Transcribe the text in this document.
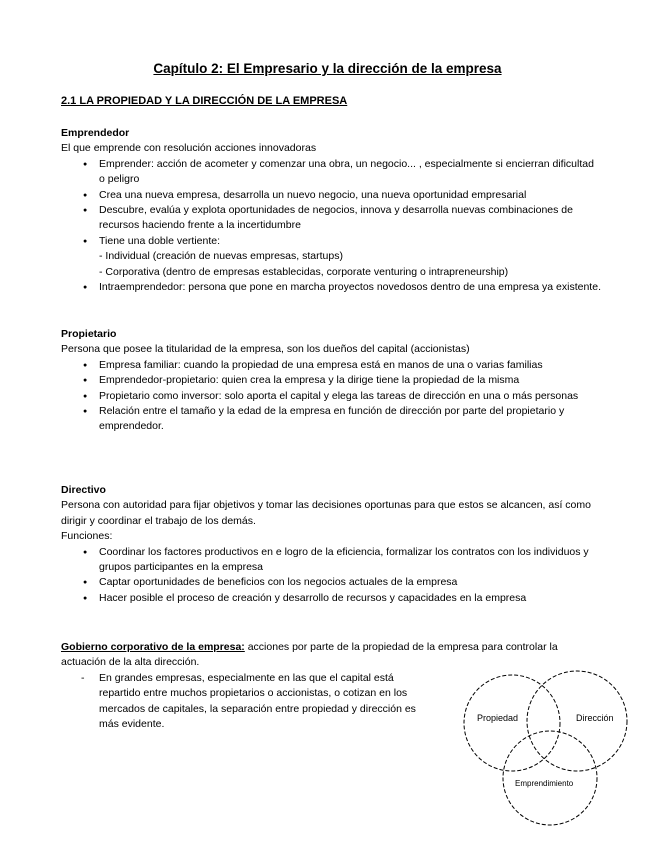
Capítulo 2: El Empresario y la dirección de la empresa
2.1 LA PROPIEDAD Y LA DIRECCIÓN DE LA EMPRESA
Emprendedor
El que emprende con resolución acciones innovadoras
● Emprender: acción de acometer y comenzar una obra, un negocio... , especialmente si encierran dificultad o peligro
● Crea una nueva empresa, desarrolla un nuevo negocio, una nueva oportunidad empresarial
● Descubre, evalúa y explota oportunidades de negocios, innova y desarrolla nuevas combinaciones de recursos haciendo frente a la incertidumbre
● Tiene una doble vertiente:
- Individual (creación de nuevas empresas, startups)
- Corporativa (dentro de empresas establecidas, corporate venturing o intrapreneurship)
● Intraemprendedor: persona que pone en marcha proyectos novedosos dentro de una empresa ya existente.
Propietario
Persona que posee la titularidad de la empresa, son los dueños del capital (accionistas)
● Empresa familiar: cuando la propiedad de una empresa está en manos de una o varias familias
● Emprendedor-propietario: quien crea la empresa y la dirige tiene la propiedad de la misma
● Propietario como inversor: solo aporta el capital y elega las tareas de dirección en una o más personas
● Relación entre el tamaño y la edad de la empresa en función de dirección por parte del propietario y emprendedor.
Directivo
Persona con autoridad para fijar objetivos y tomar las decisiones oportunas para que estos se alcancen, así como dirigir y coordinar el trabajo de los demás.
Funciones:
● Coordinar los factores productivos en e logro de la eficiencia, formalizar los contratos con los individuos y grupos participantes en la empresa
● Captar oportunidades de beneficios con los negocios actuales de la empresa
● Hacer posible el proceso de creación y desarrollo de recursos y capacidades en la empresa
Gobierno corporativo de la empresa: acciones por parte de la propiedad de la empresa para controlar la actuación de la alta dirección.
- En grandes empresas, especialmente en las que el capital está repartido entre muchos propietarios o accionistas, o cotizan en los mercados de capitales, la separación entre propiedad y dirección es más evidente.
Propiedad	Dirección
Emprendimiento
